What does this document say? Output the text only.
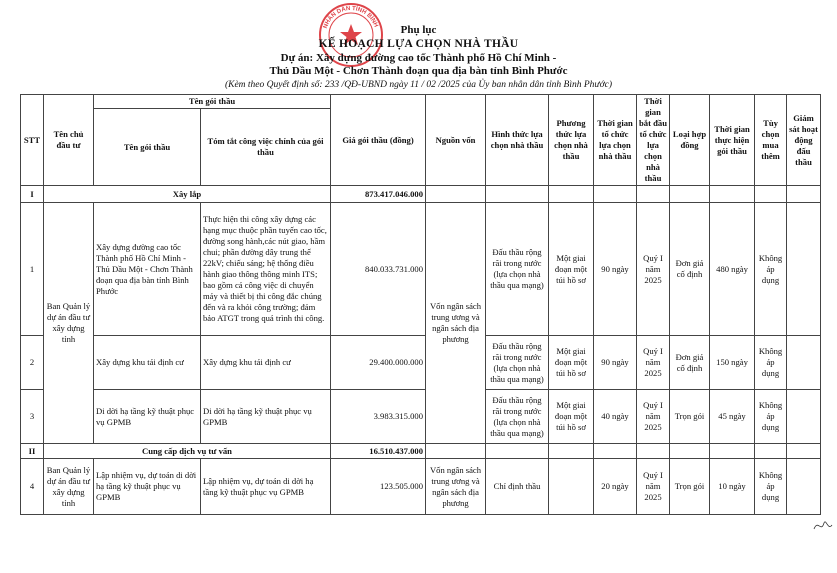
NHÂN DÂN TỈNH BÌNH	Phụ lục
KẾ HOẠCH LỰA CHỌN NHÀ THẦU
Dự án: Xây dựng đường cao tốc Thành phố Hồ Chí Minh -
Thủ Dầu Một - Chơn Thành đoạn qua địa bàn tỉnh Bình Phước
(Kèm theo Quyết định số: 233 /QĐ-UBND ngày 11 / 02 /2025 của Ủy ban nhân dân tỉnh Bình Phước)
STT	Tên chủ đầu tư	Tên gói thầu		Giá gói thầu (đồng)	Nguồn vốn	Hình thức lựa chọn nhà thầu	Phương thức lựa chọn nhà thầu	Thời gian tổ chức lựa chọn nhà thầu	Thời gian bắt đầu tổ chức lựa chọn nhà thầu	Loại hợp đồng	Thời gian thực hiện gói thầu	Tùy chọn mua thêm	Giám sát hoạt động đấu thầu
		Tên gói thầu	Tóm tắt công việc chính của gói thầu										
I	Xây lắp			873.417.046.000									
1	Ban Quản lý dự án đầu tư xây dựng tỉnh	Xây dựng đường cao tốc Thành phố Hồ Chí Minh - Thủ Dầu Một - Chơn Thành đoạn qua địa bàn tỉnh Bình Phước	Thực hiện thi công xây dựng các hạng mục thuộc phần tuyến cao tốc, đường song hành,các nút giao, hầm chui; phần đường dây trung thế 22kV; chiếu sáng; hệ thống điều hành giao thông thông minh ITS; bao gồm cả công việc di chuyển máy và thiết bị thi công đắc chúng đến và ra khỏi công trường; đảm bảo ATGT trong quá trình thi công.	840.033.731.000	Vốn ngân sách trung ương và ngân sách địa phương	Đấu thầu rộng rãi trong nước (lựa chọn nhà thầu qua mạng)	Một giai đoạn một túi hồ sơ	90 ngày	Quý I năm 2025	Đơn giá cố định	480 ngày	Không áp dụng	
2		Xây dựng khu tái định cư	Xây dựng khu tái định cư	29.400.000.000		Đấu thầu rộng rãi trong nước (lựa chọn nhà thầu qua mạng)	Một giai đoạn một túi hồ sơ	90 ngày	Quý I năm 2025	Đơn giá cố định	150 ngày	Không áp dụng	
3		Di dời hạ tầng kỹ thuật phục vụ GPMB	Di dời hạ tầng kỹ thuật phục vụ GPMB	3.983.315.000		Đấu thầu rộng rãi trong nước (lựa chọn nhà thầu qua mạng)	Một giai đoạn một túi hồ sơ	40 ngày	Quý I năm 2025	Trọn gói	45 ngày	Không áp dụng	
II	Cung cấp dịch vụ tư vấn			16.510.437.000									
4	Ban Quản lý dự án đầu tư xây dựng tỉnh	Lập nhiệm vụ, dự toán di dời hạ tầng kỹ thuật phục vụ GPMB	Lập nhiệm vụ, dự toán di dời hạ tầng kỹ thuật phục vụ GPMB	123.505.000	Vốn ngân sách trung ương và ngân sách địa phương	Chỉ định thầu		20 ngày	Quý I năm 2025	Trọn gói	10 ngày	Không áp dụng	
